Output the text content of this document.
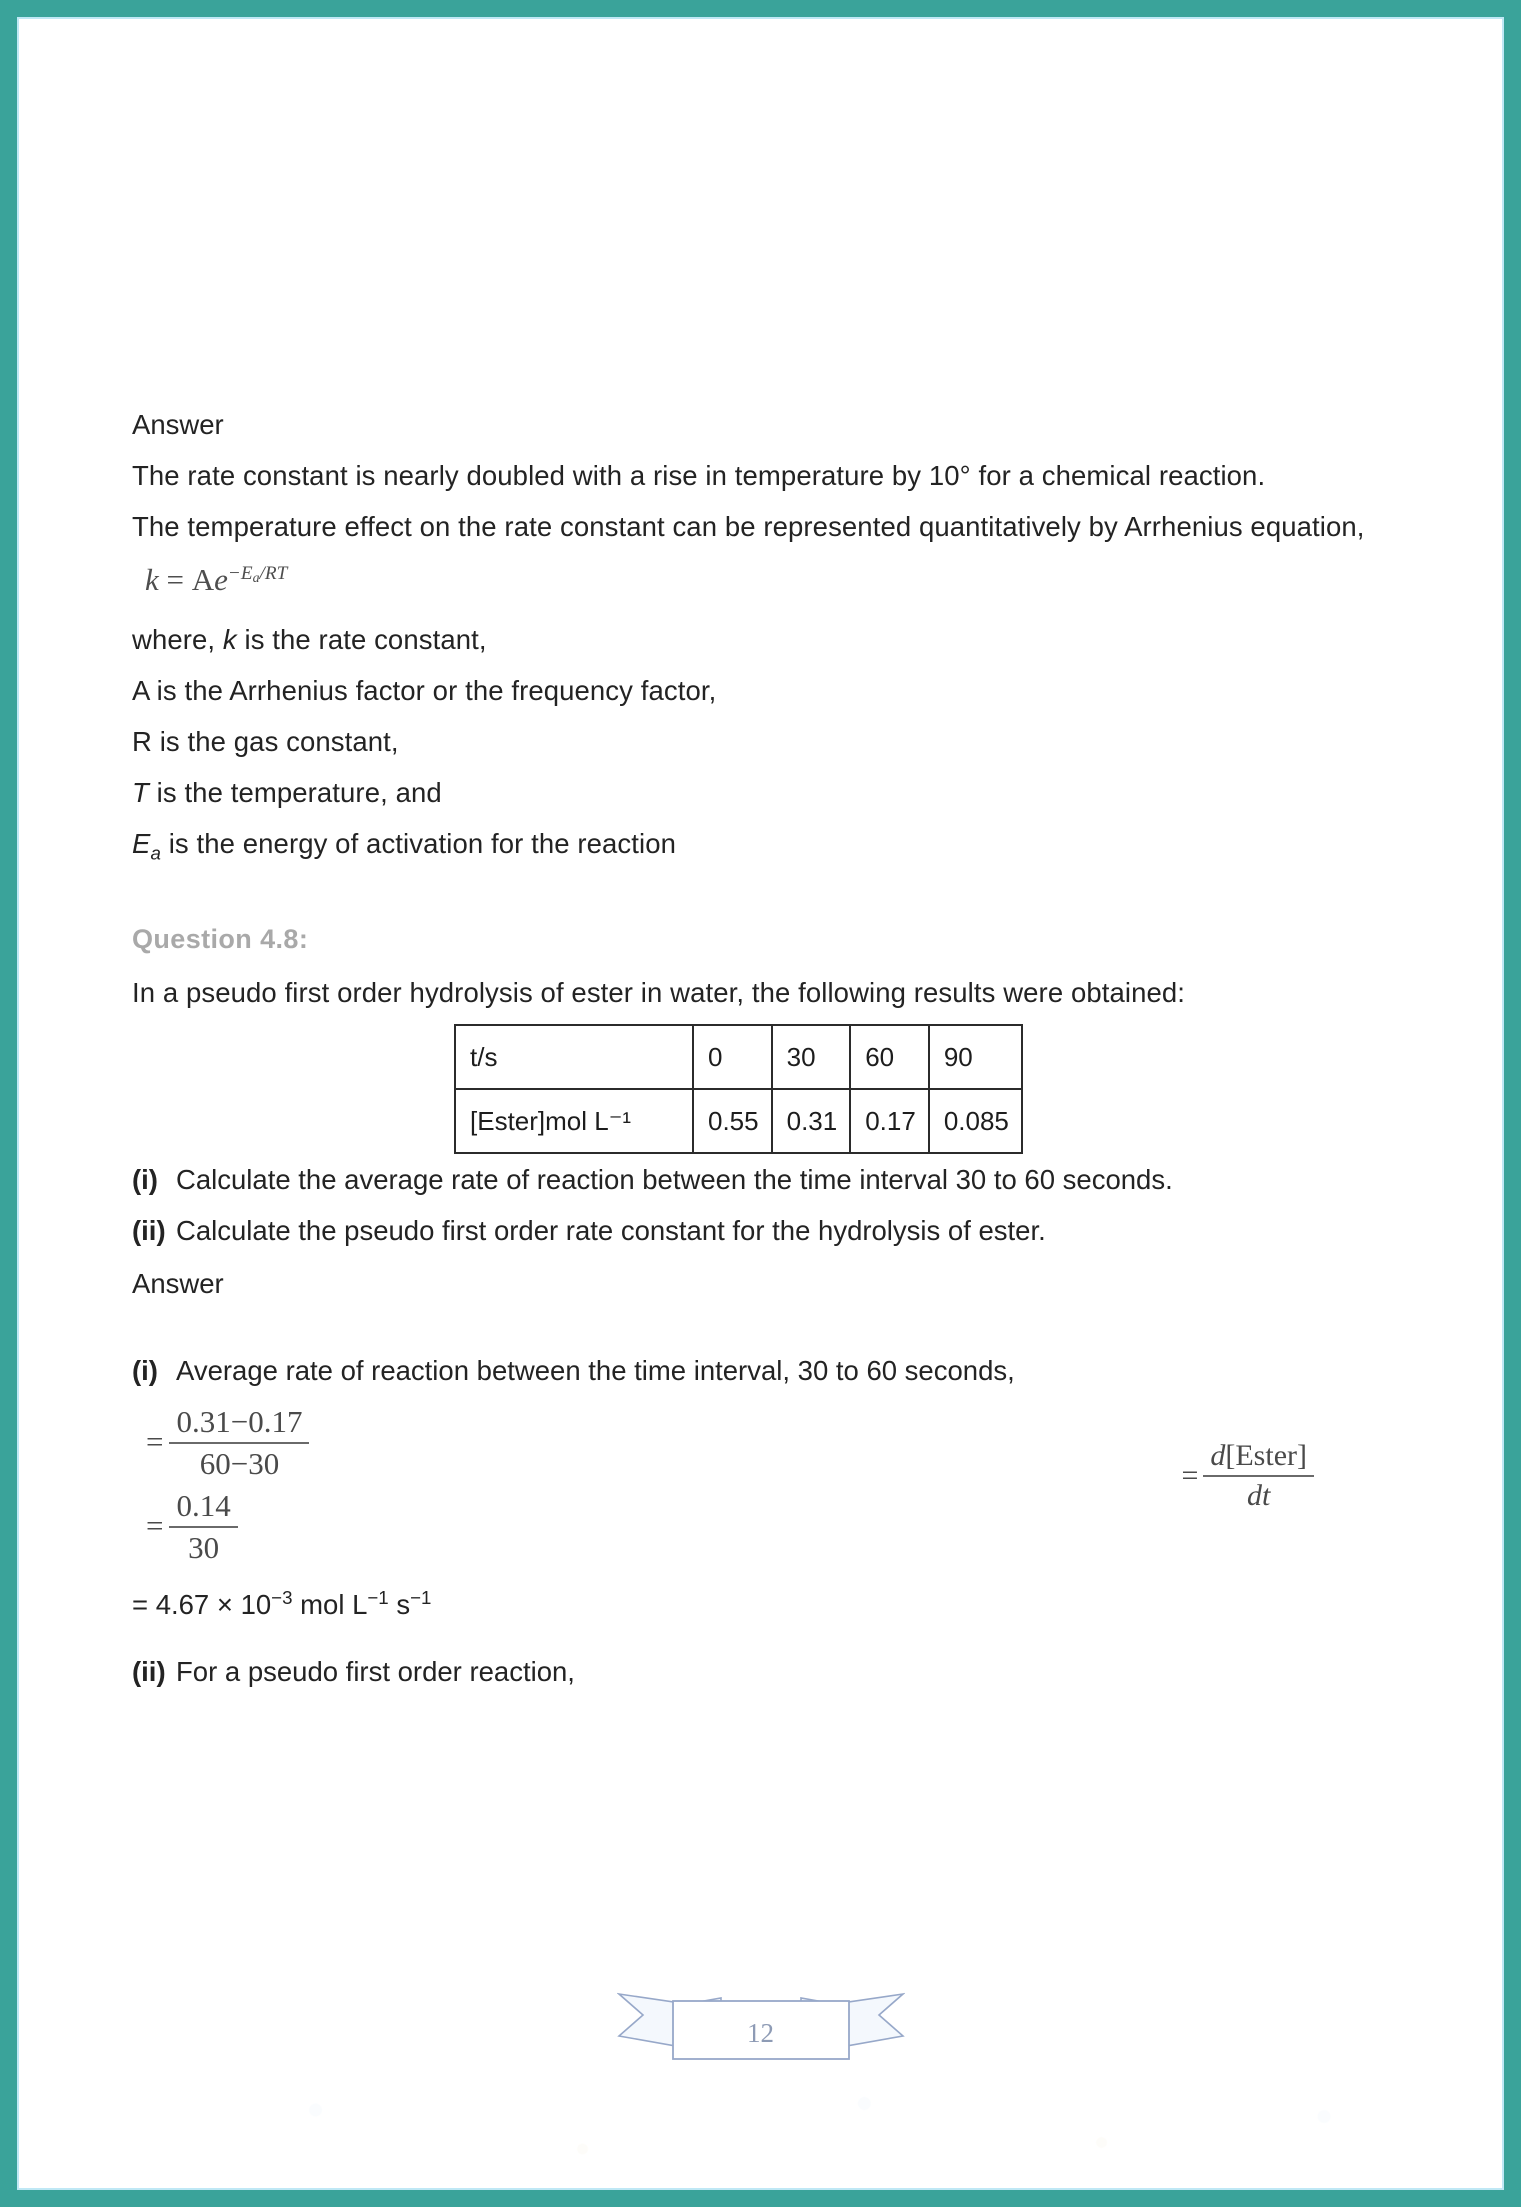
Answer
The rate constant is nearly doubled with a rise in temperature by 10° for a chemical reaction.
The temperature effect on the rate constant can be represented quantitatively by Arrhenius equation,
$k = Ae^{-E_a/RT}$
where, k is the rate constant,
A is the Arrhenius factor or the frequency factor,
R is the gas constant,
T is the temperature, and
$E_a$ is the energy of activation for the reaction
Question 4.8:
In a pseudo first order hydrolysis of ester in water, the following results were obtained:
t/s	0	30	60	90
[Ester]mol L⁻¹	0.55	0.31	0.17	0.085
(i) Calculate the average rate of reaction between the time interval 30 to 60 seconds.
(ii) Calculate the pseudo first order rate constant for the hydrolysis of ester.
Answer
(i) Average rate of reaction between the time interval, 30 to 60 seconds,
= $\frac{\text{d[Ester]}}{dt}$
= $\frac{0.31-0.17}{60-30}$
= $\frac{0.14}{30}$
= $4.67 \times 10^{-3}$ mol $L^{-1}$ $s^{-1}$
(ii) For a pseudo first order reaction,
12
